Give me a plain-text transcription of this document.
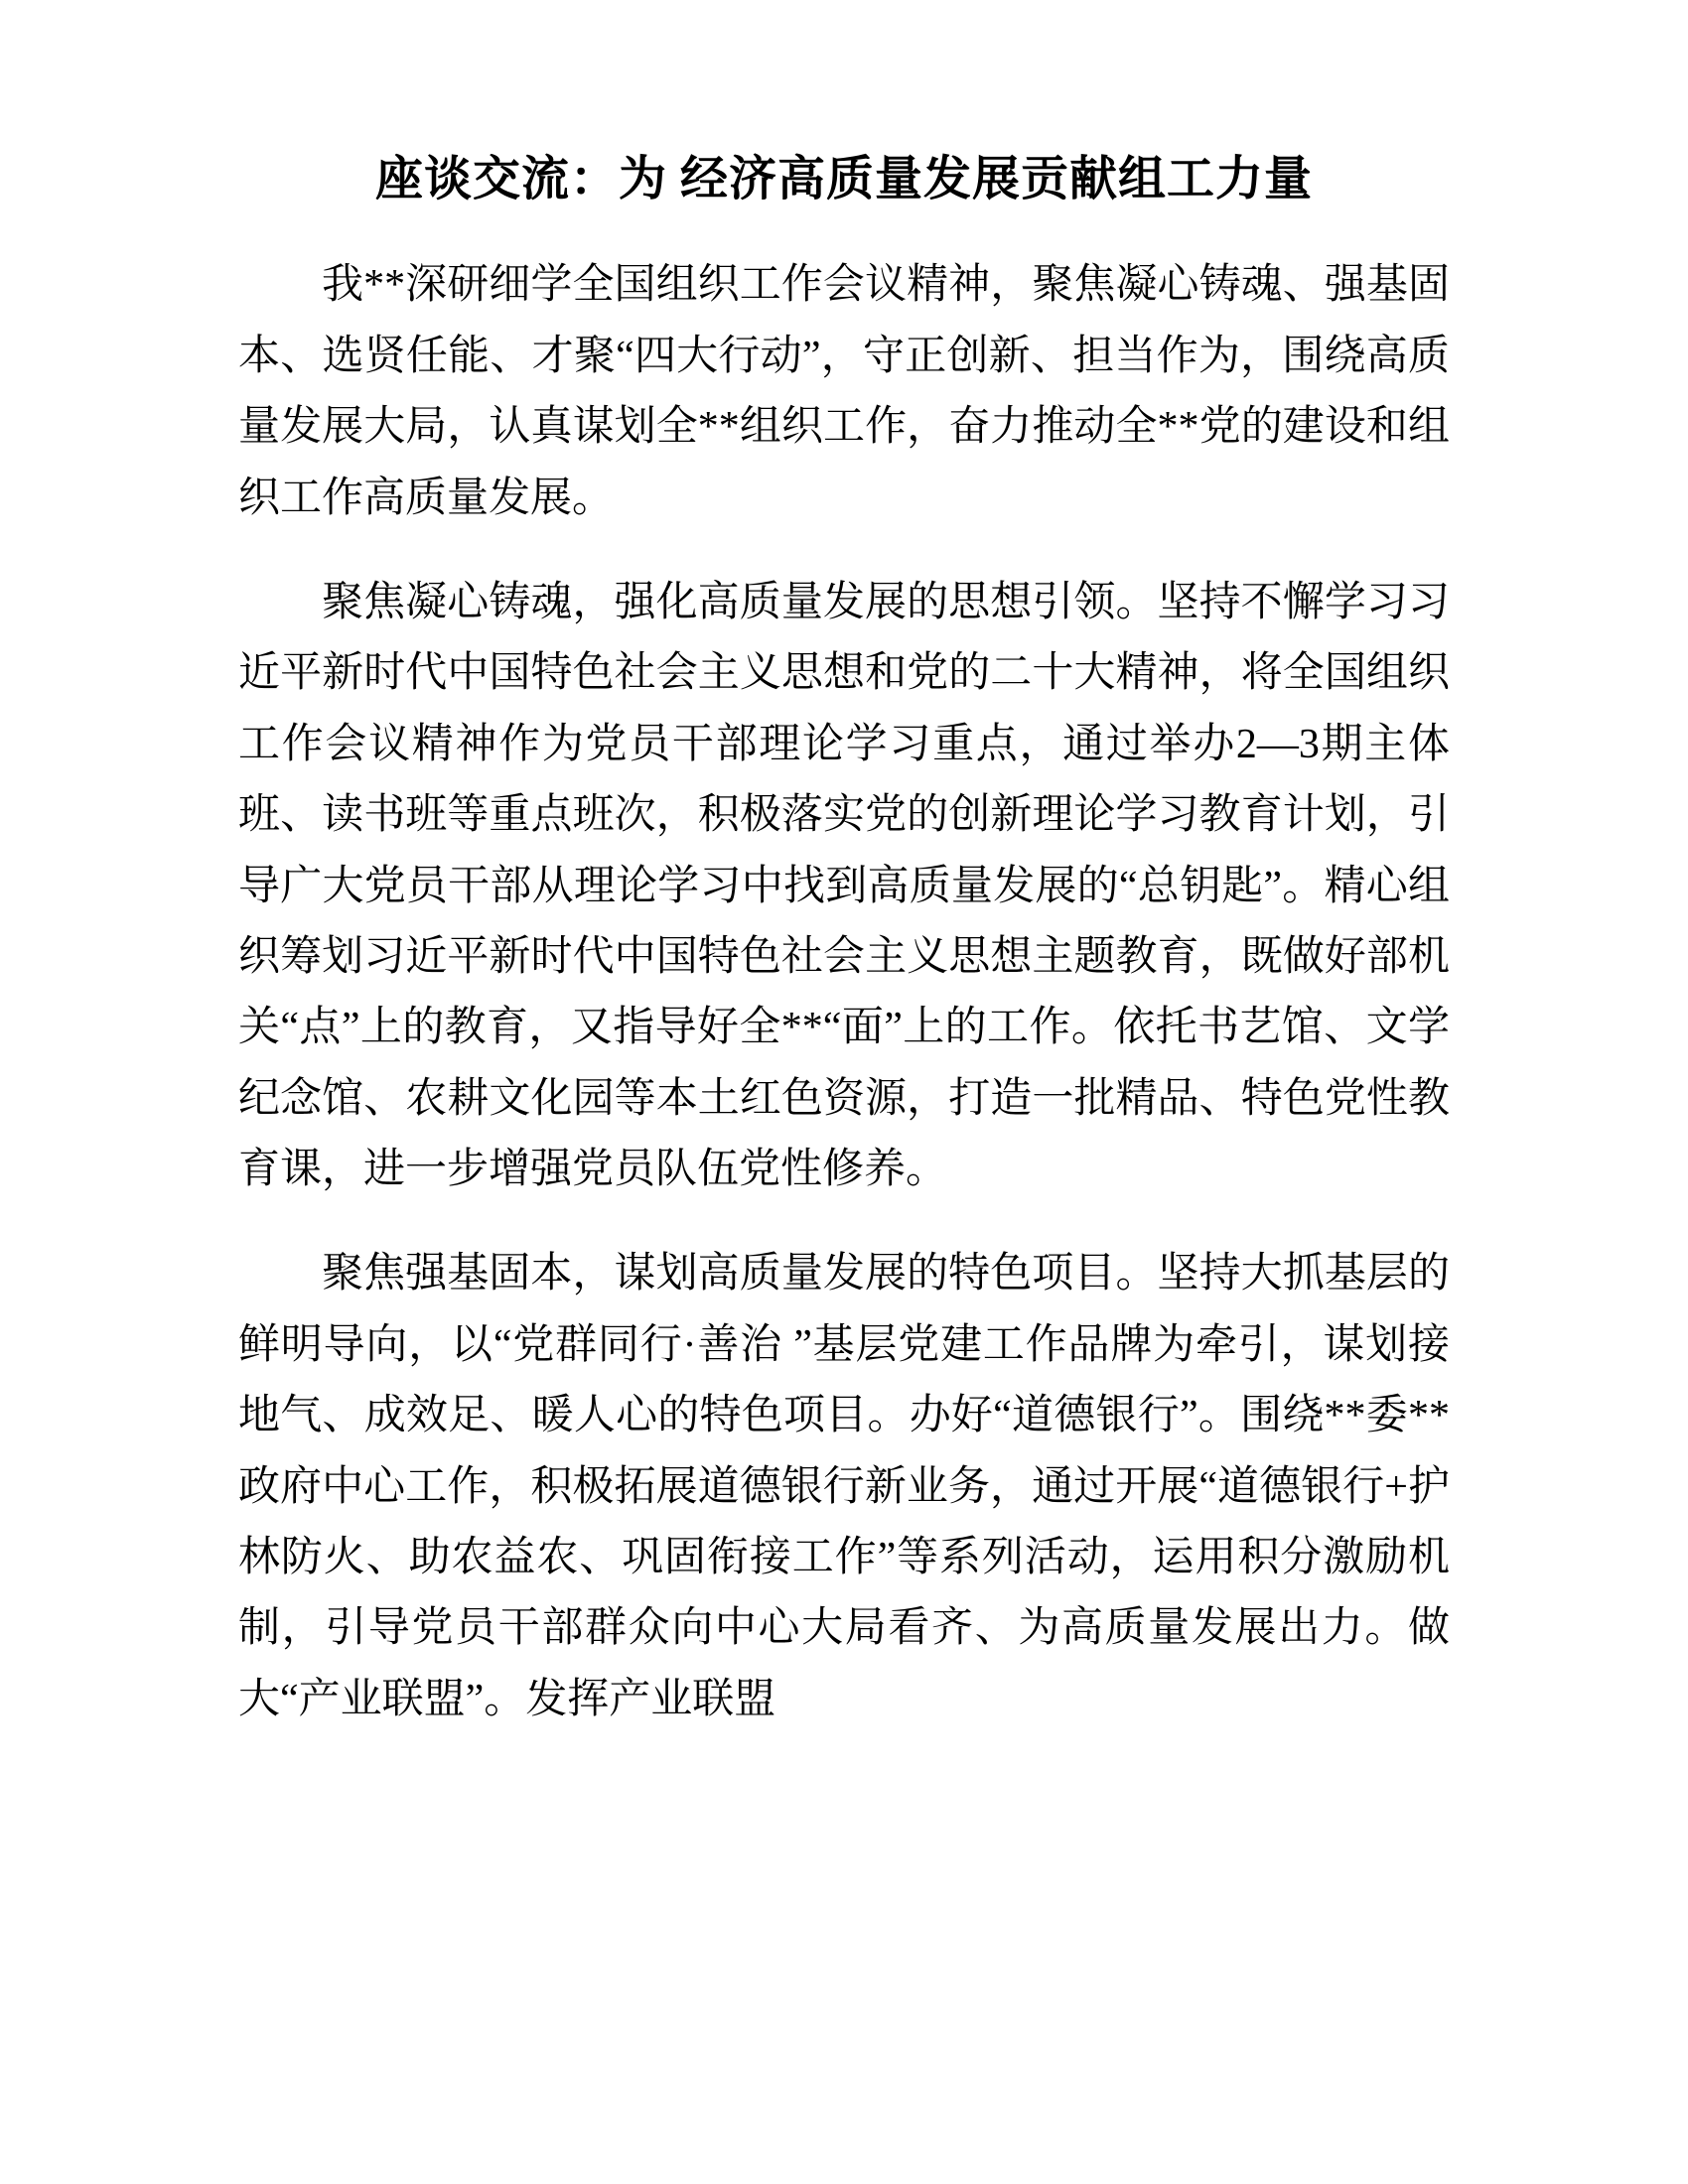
座谈交流：为 经济高质量发展贡献组工力量

我**深研细学全国组织工作会议精神，聚焦凝心铸魂、强基固本、选贤任能、才聚“四大行动”，守正创新、担当作为，围绕高质量发展大局，认真谋划全**组织工作，奋力推动全**党的建设和组织工作高质量发展。

聚焦凝心铸魂，强化高质量发展的思想引领。坚持不懈学习习近平新时代中国特色社会主义思想和党的二十大精神，将全国组织工作会议精神作为党员干部理论学习重点，通过举办2—3期主体班、读书班等重点班次，积极落实党的创新理论学习教育计划，引导广大党员干部从理论学习中找到高质量发展的“总钥匙”。精心组织筹划习近平新时代中国特色社会主义思想主题教育，既做好部机关“点”上的教育，又指导好全**“面”上的工作。依托书艺馆、文学纪念馆、农耕文化园等本土红色资源，打造一批精品、特色党性教育课，进一步增强党员队伍党性修养。

聚焦强基固本，谋划高质量发展的特色项目。坚持大抓基层的鲜明导向，以“党群同行·善治 ”基层党建工作品牌为牵引，谋划接地气、成效足、暖人心的特色项目。办好“道德银行”。围绕**委**政府中心工作，积极拓展道德银行新业务，通过开展“道德银行+护林防火、助农益农、巩固衔接工作”等系列活动，运用积分激励机制，引导党员干部群众向中心大局看齐、为高质量发展出力。做大“产业联盟”。发挥产业联盟
